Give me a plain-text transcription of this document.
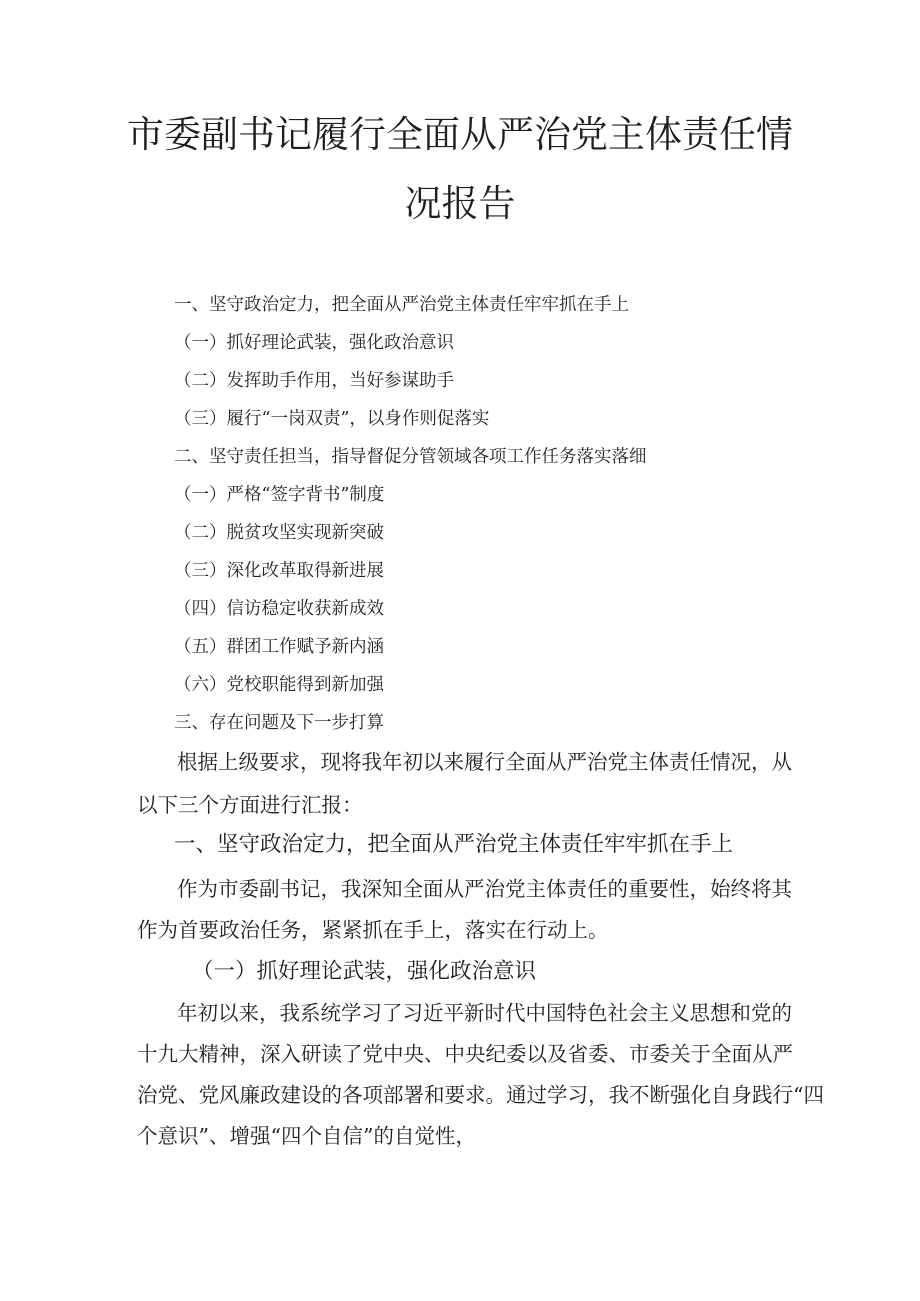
市委副书记履行全面从严治党主体责任情
况报告
一、坚守政治定力，把全面从严治党主体责任牢牢抓在手上
（一）抓好理论武装，强化政治意识
（二）发挥助手作用，当好参谋助手
（三）履行“一岗双责”，以身作则促落实
二、坚守责任担当，指导督促分管领域各项工作任务落实落细
（一）严格“签字背书”制度
（二）脱贫攻坚实现新突破
（三）深化改革取得新进展
（四）信访稳定收获新成效
（五）群团工作赋予新内涵
（六）党校职能得到新加强
三、存在问题及下一步打算
根据上级要求，现将我年初以来履行全面从严治党主体责任情况，从
以下三个方面进行汇报：
一、坚守政治定力，把全面从严治党主体责任牢牢抓在手上
作为市委副书记，我深知全面从严治党主体责任的重要性，始终将其
作为首要政治任务，紧紧抓在手上，落实在行动上。
（一）抓好理论武装，强化政治意识
年初以来，我系统学习了习近平新时代中国特色社会主义思想和党的
十九大精神，深入研读了党中央、中央纪委以及省委、市委关于全面从严
治党、党风廉政建设的各项部署和要求。通过学习，我不断强化自身践行“四
个意识”、增强“四个自信”的自觉性，
